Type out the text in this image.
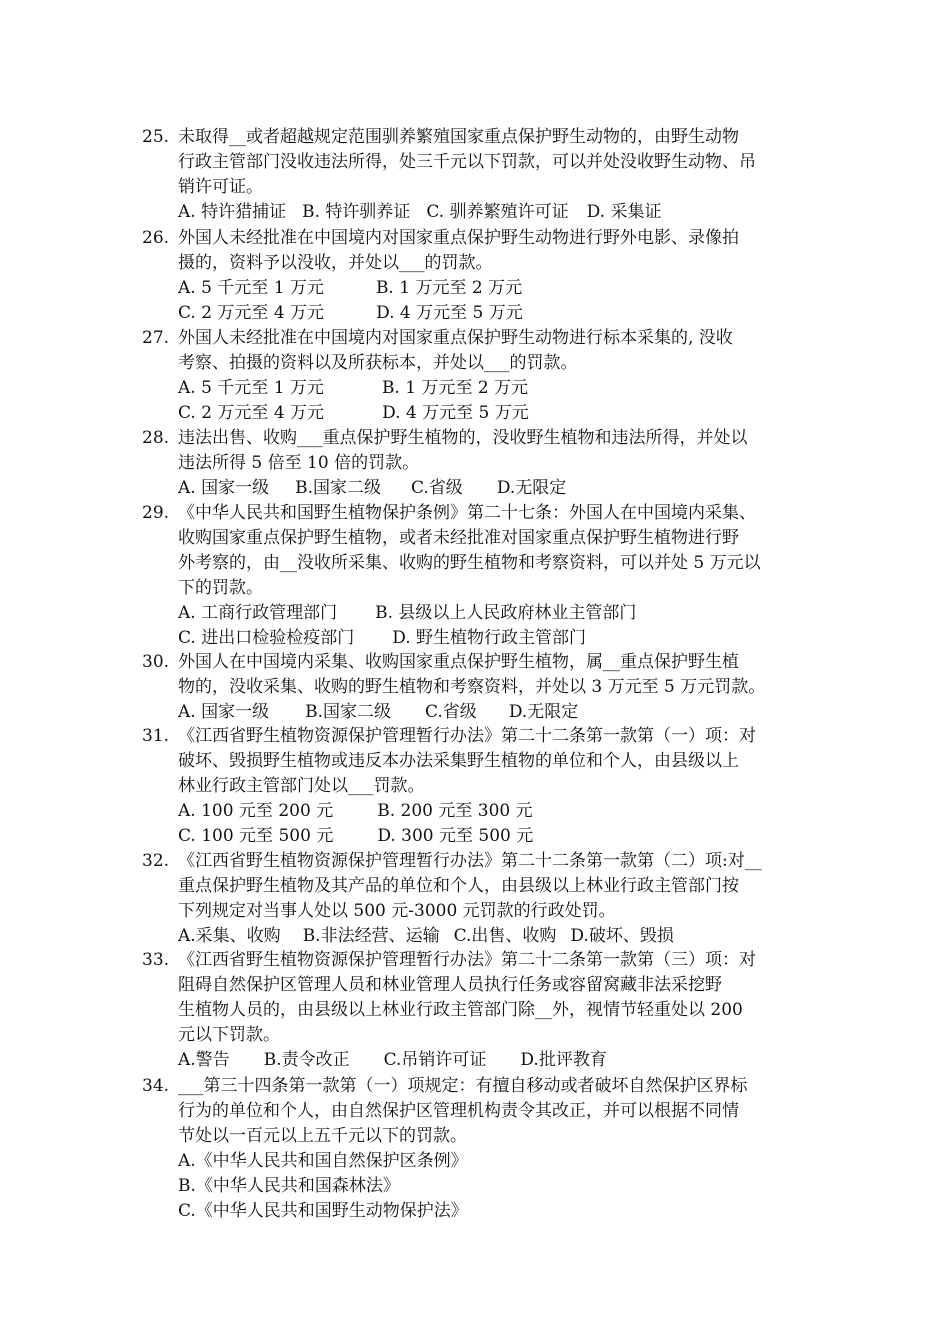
25. 未取得__或者超越规定范围驯养繁殖国家重点保护野生动物的，由野生动物
行政主管部门没收违法所得，处三千元以下罚款，可以并处没收野生动物、吊
销许可证。
A. 特许猎捕证 B. 特许驯养证 C. 驯养繁殖许可证 D. 采集证
26. 外国人未经批准在中国境内对国家重点保护野生动物进行野外电影、录像拍
摄的，资料予以没收，并处以___的罚款。
A. 5 千元至 1 万元	B. 1 万元至 2 万元
C. 2 万元至 4 万元	D. 4 万元至 5 万元
27. 外国人未经批准在中国境内对国家重点保护野生动物进行标本采集的, 没收
考察、拍摄的资料以及所获标本，并处以___的罚款。
A. 5 千元至 1 万元	B. 1 万元至 2 万元
C. 2 万元至 4 万元	D. 4 万元至 5 万元
28. 违法出售、收购___重点保护野生植物的，没收野生植物和违法所得，并处以
违法所得 5 倍至 10 倍的罚款。
A. 国家一级 B.国家二级 C.省级 D.无限定
29. 《中华人民共和国野生植物保护条例》第二十七条：外国人在中国境内采集、
收购国家重点保护野生植物，或者未经批准对国家重点保护野生植物进行野
外考察的，由__没收所采集、收购的野生植物和考察资料，可以并处 5 万元以
下的罚款。
A. 工商行政管理部门 B. 县级以上人民政府林业主管部门
C. 进出口检验检疫部门 D. 野生植物行政主管部门
30. 外国人在中国境内采集、收购国家重点保护野生植物，属__重点保护野生植
物的，没收采集、收购的野生植物和考察资料，并处以 3 万元至 5 万元罚款。
A. 国家一级 B.国家二级 C.省级 D.无限定
31. 《江西省野生植物资源保护管理暂行办法》第二十二条第一款第（一）项：对
破坏、毁损野生植物或违反本办法采集野生植物的单位和个人，由县级以上
林业行政主管部门处以___罚款。
A. 100 元至 200 元	B. 200 元至 300 元
C. 100 元至 500 元	D. 300 元至 500 元
32. 《江西省野生植物资源保护管理暂行办法》第二十二条第一款第（二）项:对__
重点保护野生植物及其产品的单位和个人，由县级以上林业行政主管部门按
下列规定对当事人处以 500 元-3000 元罚款的行政处罚。
A.采集、收购 B.非法经营、运输 C.出售、收购 D.破坏、毁损
33. 《江西省野生植物资源保护管理暂行办法》第二十二条第一款第（三）项：对
阻碍自然保护区管理人员和林业管理人员执行任务或容留窝藏非法采挖野
生植物人员的，由县级以上林业行政主管部门除__外，视情节轻重处以 200
元以下罚款。
A.警告 B.责令改正 C.吊销许可证 D.批评教育
34. ___第三十四条第一款第（一）项规定：有擅自移动或者破坏自然保护区界标
行为的单位和个人，由自然保护区管理机构责令其改正，并可以根据不同情
节处以一百元以上五千元以下的罚款。
A.《中华人民共和国自然保护区条例》
B.《中华人民共和国森林法》
C.《中华人民共和国野生动物保护法》
